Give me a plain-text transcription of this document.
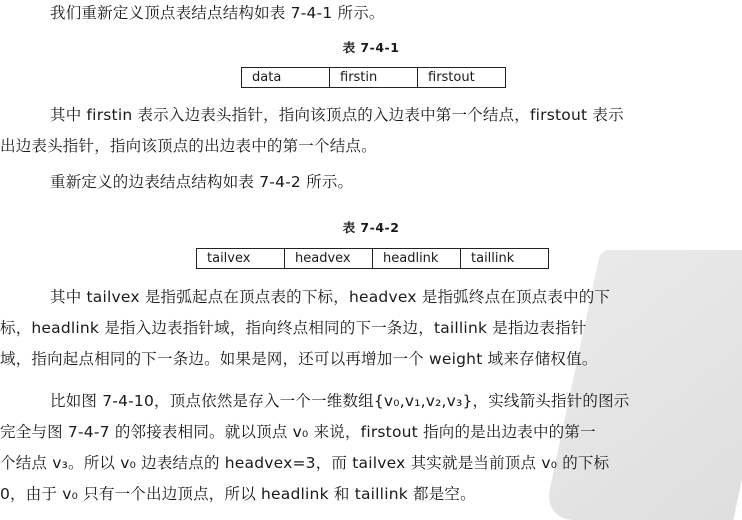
我们重新定义顶点表结点结构如表 7-4-1 所示。
表 7-4-1
data	firstin	firstout
其中 firstin 表示入边表头指针，指向该顶点的入边表中第一个结点，firstout 表示
出边表头指针，指向该顶点的出边表中的第一个结点。
重新定义的边表结点结构如表 7-4-2 所示。
表 7-4-2
tailvex	headvex	headlink	taillink
其中 tailvex 是指弧起点在顶点表的下标，headvex 是指弧终点在顶点表中的下
标，headlink 是指入边表指针域，指向终点相同的下一条边，taillink 是指边表指针
域，指向起点相同的下一条边。如果是网，还可以再增加一个 weight 域来存储权值。
比如图 7-4-10，顶点依然是存入一个一维数组{v₀,v₁,v₂,v₃}，实线箭头指针的图示
完全与图 7-4-7 的邻接表相同。就以顶点 v₀ 来说，firstout 指向的是出边表中的第一
个结点 v₃。所以 v₀ 边表结点的 headvex=3，而 tailvex 其实就是当前顶点 v₀ 的下标
0，由于 v₀ 只有一个出边顶点，所以 headlink 和 taillink 都是空。
